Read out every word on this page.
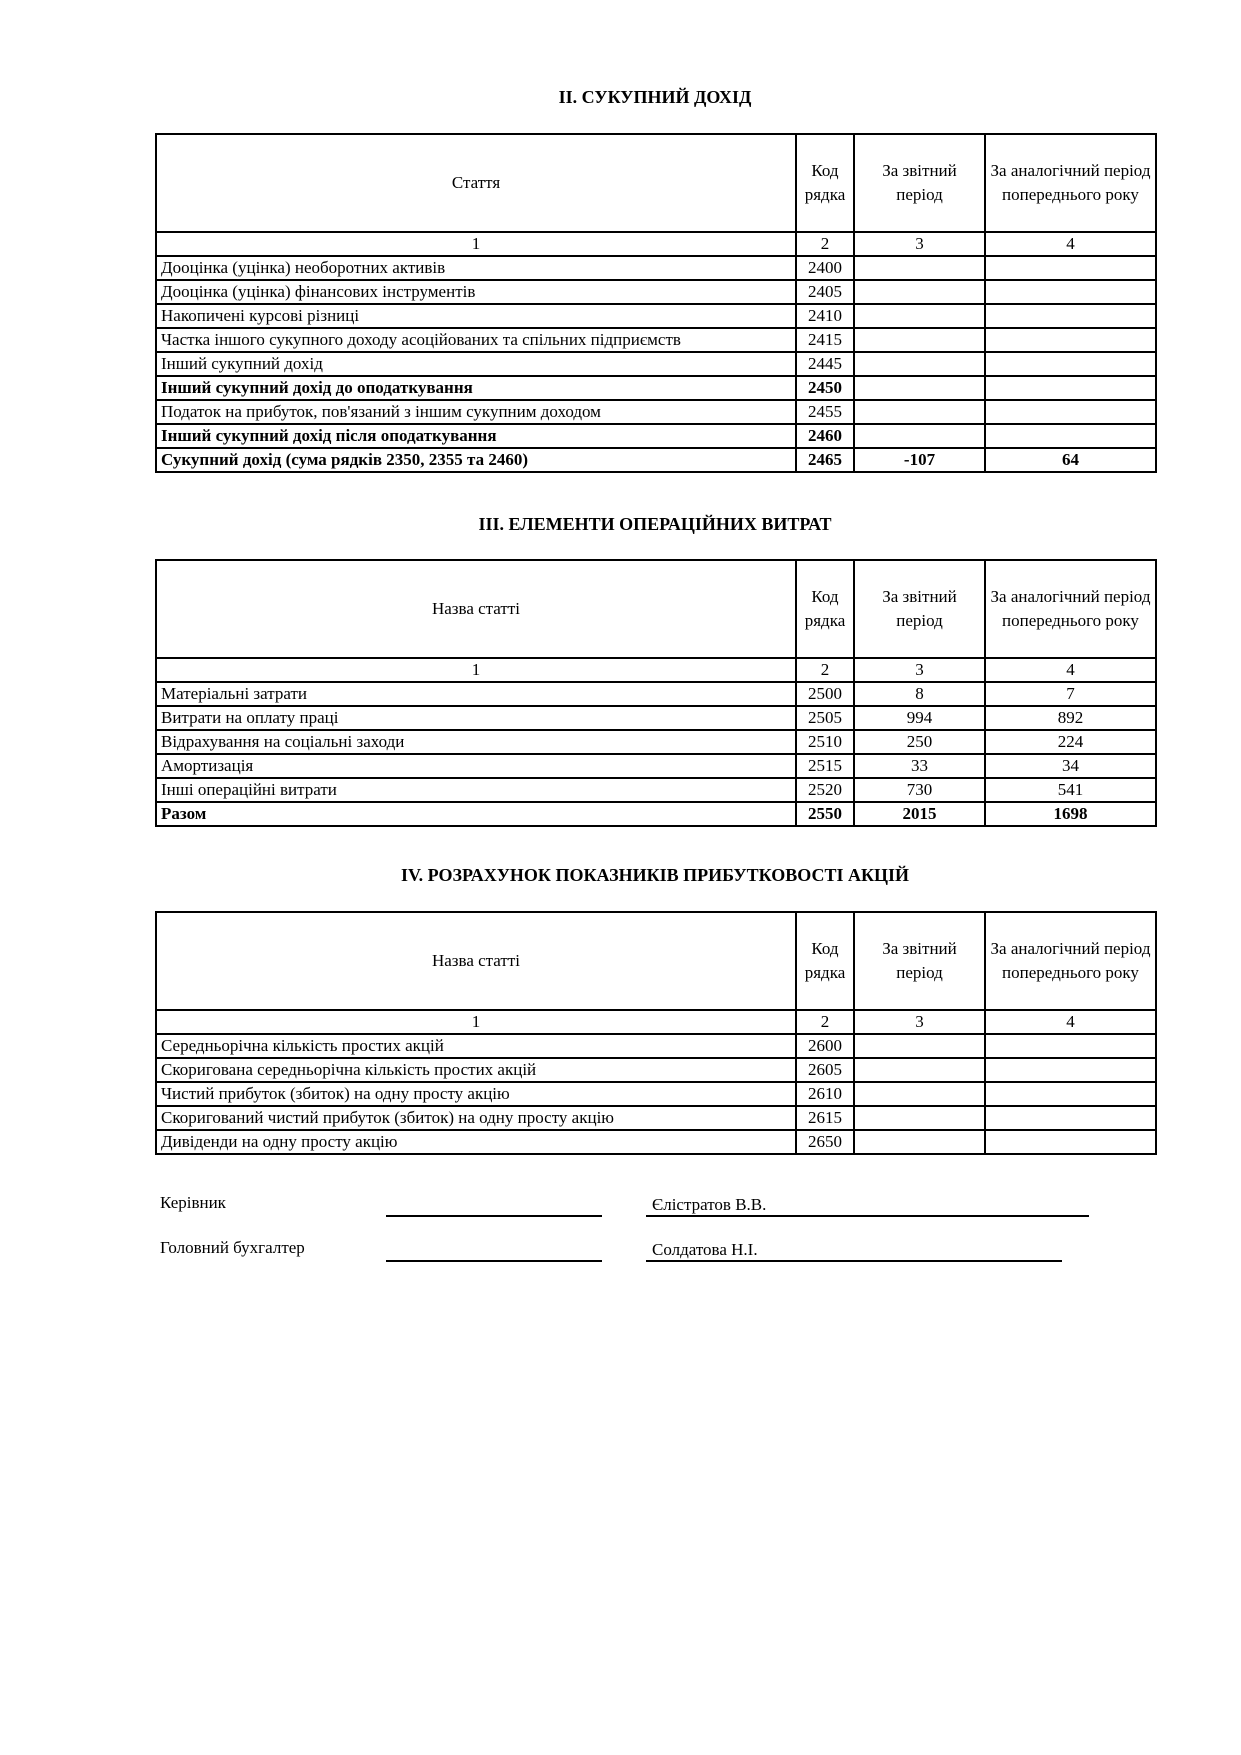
II. СУКУПНИЙ ДОХІД
Стаття	Код рядка	За звітний період	За аналогічний період попереднього року
1	2	3	4
Дооцінка (уцінка) необоротних активів	2400		
Дооцінка (уцінка) фінансових інструментів	2405		
Накопичені курсові різниці	2410		
Частка іншого сукупного доходу асоційованих та спільних підприємств	2415		
Інший сукупний дохід	2445		
Інший сукупний дохід до оподаткування	2450		
Податок на прибуток, пов'язаний з іншим сукупним доходом	2455		
Інший сукупний дохід після оподаткування	2460		
Сукупний дохід (сума рядків 2350, 2355 та 2460)	2465	-107	64
III. ЕЛЕМЕНТИ ОПЕРАЦІЙНИХ ВИТРАТ
Назва статті	Код рядка	За звітний період	За аналогічний період попереднього року
1	2	3	4
Матеріальні затрати	2500	8	7
Витрати на оплату праці	2505	994	892
Відрахування на соціальні заходи	2510	250	224
Амортизація	2515	33	34
Інші операційні витрати	2520	730	541
Разом	2550	2015	1698
IV. РОЗРАХУНОК ПОКАЗНИКІВ ПРИБУТКОВОСТІ АКЦІЙ
Назва статті	Код рядка	За звітний період	За аналогічний період попереднього року
1	2	3	4
Середньорічна кількість простих акцій	2600		
Скоригована середньорічна кількість простих акцій	2605		
Чистий прибуток (збиток) на одну просту акцію	2610		
Скоригований чистий прибуток (збиток) на одну просту акцію	2615		
Дивіденди на одну просту акцію	2650		
Керівник	Єлістратов В.В.
Головний бухгалтер	Солдатова Н.І.
